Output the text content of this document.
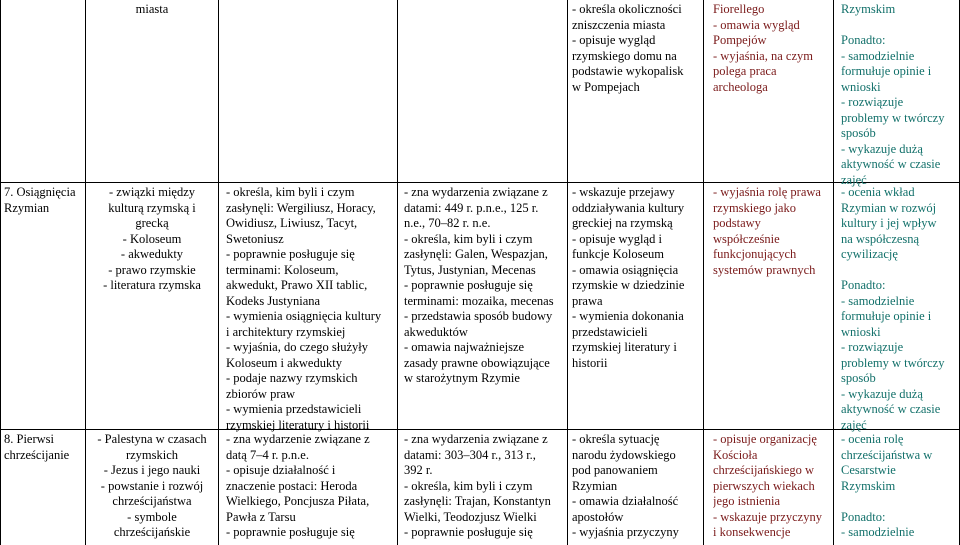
miasta	- określa okoliczności
zniszczenia miasta
- opisuje wygląd
rzymskiego domu na
podstawie wykopalisk
w Pompejach
Fiorellego
- omawia wygląd
Pompejów
- wyjaśnia, na czym
polega praca
archeologa
Rzymskim

Ponadto:
- samodzielnie
formułuje opinie i
wnioski
- rozwiązuje
problemy w twórczy
sposób
- wykazuje dużą
aktywność w czasie
zajęć
7. Osiągnięcia
Rzymian
- związki między
kulturą rzymską i
grecką
- Koloseum
- akwedukty
- prawo rzymskie
- literatura rzymska
- określa, kim byli i czym
zasłynęli: Wergiliusz, Horacy,
Owidiusz, Liwiusz, Tacyt,
Swetoniusz
- poprawnie posługuje się
terminami: Koloseum,
akwedukt, Prawo XII tablic,
Kodeks Justyniana
- wymienia osiągnięcia kultury
i architektury rzymskiej
- wyjaśnia, do czego służyły
Koloseum i akwedukty
- podaje nazwy rzymskich
zbiorów praw
- wymienia przedstawicieli
rzymskiej literatury i historii
- zna wydarzenia związane z
datami: 449 r. p.n.e., 125 r.
n.e., 70–82 r. n.e.
- określa, kim byli i czym
zasłynęli: Galen, Wespazjan,
Tytus, Justynian, Mecenas
- poprawnie posługuje się
terminami: mozaika, mecenas
- przedstawia sposób budowy
akweduktów
- omawia najważniejsze
zasady prawne obowiązujące
w starożytnym Rzymie
- wskazuje przejawy
oddziaływania kultury
greckiej na rzymską
- opisuje wygląd i
funkcje Koloseum
- omawia osiągnięcia
rzymskie w dziedzinie
prawa
- wymienia dokonania
przedstawicieli
rzymskiej literatury i
historii
- wyjaśnia rolę prawa
rzymskiego jako
podstawy
współcześnie
funkcjonujących
systemów prawnych
- ocenia wkład
Rzymian w rozwój
kultury i jej wpływ
na współczesną
cywilizację

Ponadto:
- samodzielnie
formułuje opinie i
wnioski
- rozwiązuje
problemy w twórczy
sposób
- wykazuje dużą
aktywność w czasie
zajęć
8. Pierwsi
chrześcijanie
- Palestyna w czasach
rzymskich
- Jezus i jego nauki
- powstanie i rozwój
chrześcijaństwa
- symbole
chrześcijańskie
- zna wydarzenie związane z
datą 7–4 r. p.n.e.
- opisuje działalność i
znaczenie postaci: Heroda
Wielkiego, Poncjusza Piłata,
Pawła z Tarsu
- poprawnie posługuje się
- zna wydarzenia związane z
datami: 303–304 r., 313 r.,
392 r.
- określa, kim byli i czym
zasłynęli: Trajan, Konstantyn
Wielki, Teodozjusz Wielki
- poprawnie posługuje się
- określa sytuację
narodu żydowskiego
pod panowaniem
Rzymian
- omawia działalność
apostołów
- wyjaśnia przyczyny
- opisuje organizację
Kościoła
chrześcijańskiego w
pierwszych wiekach
jego istnienia
- wskazuje przyczyny
i konsekwencje
- ocenia rolę
chrześcijaństwa w
Cesarstwie
Rzymskim

Ponadto:
- samodzielnie
